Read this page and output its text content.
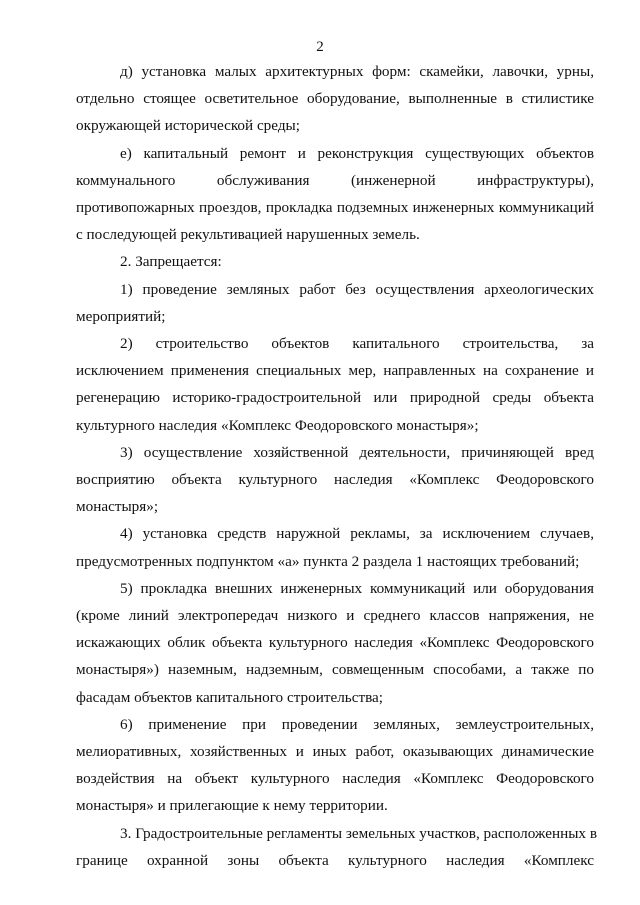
2
д) установка малых архитектурных форм: скамейки, лавочки, урны,
отдельно стоящее осветительное оборудование, выполненные в стилистике
окружающей исторической среды;
е) капитальный ремонт и реконструкция существующих объектов
коммунального обслуживания (инженерной инфраструктуры),
противопожарных проездов, прокладка подземных инженерных коммуникаций
с последующей рекультивацией нарушенных земель.
2. Запрещается:
1) проведение земляных работ без осуществления археологических
мероприятий;
2) строительство объектов капитального строительства, за
исключением применения специальных мер, направленных на сохранение и
регенерацию историко-градостроительной или природной среды объекта
культурного наследия «Комплекс Феодоровского монастыря»;
3) осуществление хозяйственной деятельности, причиняющей вред
восприятию объекта культурного наследия «Комплекс Феодоровского
монастыря»;
4) установка средств наружной рекламы, за исключением случаев,
предусмотренных подпунктом «а» пункта 2 раздела 1 настоящих требований;
5) прокладка внешних инженерных коммуникаций или оборудования
(кроме линий электропередач низкого и среднего классов напряжения, не
искажающих облик объекта культурного наследия «Комплекс Феодоровского
монастыря») наземным, надземным, совмещенным способами, а также по
фасадам объектов капитального строительства;
6) применение при проведении земляных, землеустроительных,
мелиоративных, хозяйственных и иных работ, оказывающих динамические
воздействия на объект культурного наследия «Комплекс Феодоровского
монастыря» и прилегающие к нему территории.
3. Градостроительные регламенты земельных участков, расположенных в
границе охранной зоны объекта культурного наследия «Комплекс
